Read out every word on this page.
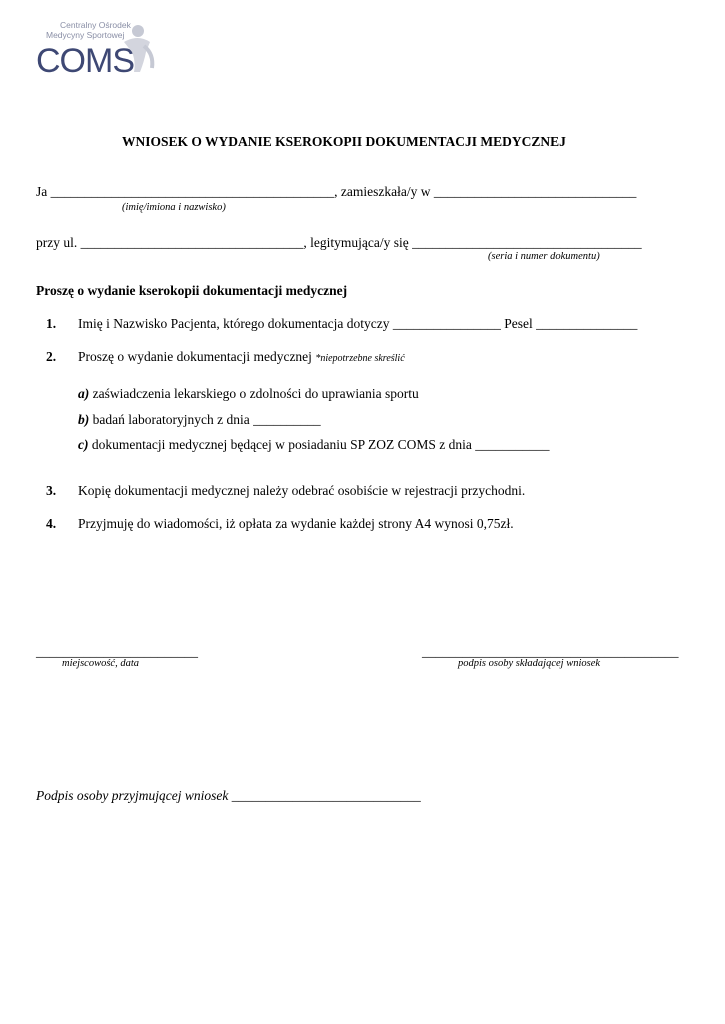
Centralny Ośrodek
Medycyny Sportowej
COMS
WNIOSEK O WYDANIE KSEROKOPII DOKUMENTACJI MEDYCZNEJ
Ja __________________________________________, zamieszkała/y w ______________________________
(imię/imiona i nazwisko)
przy ul. _________________________________, legitymująca/y się __________________________________
(seria i numer dokumentu)
Proszę o wydanie kserokopii dokumentacji medycznej
1. Imię i Nazwisko Pacjenta, którego dokumentacja dotyczy ________________ Pesel _______________
2. Proszę o wydanie dokumentacji medycznej *niepotrzebne skreślić
a) zaświadczenia lekarskiego o zdolności do uprawiania sportu
b) badań laboratoryjnych z dnia __________
c) dokumentacji medycznej będącej w posiadaniu SP ZOZ COMS z dnia ___________
3. Kopię dokumentacji medycznej należy odebrać osobiście w rejestracji przychodni.
4. Przyjmuję do wiadomości, iż opłata za wydanie każdej strony A4 wynosi 0,75zł.
________________________
miejscowość, data
______________________________________
podpis osoby składającej wniosek
Podpis osoby przyjmującej wniosek ____________________________
